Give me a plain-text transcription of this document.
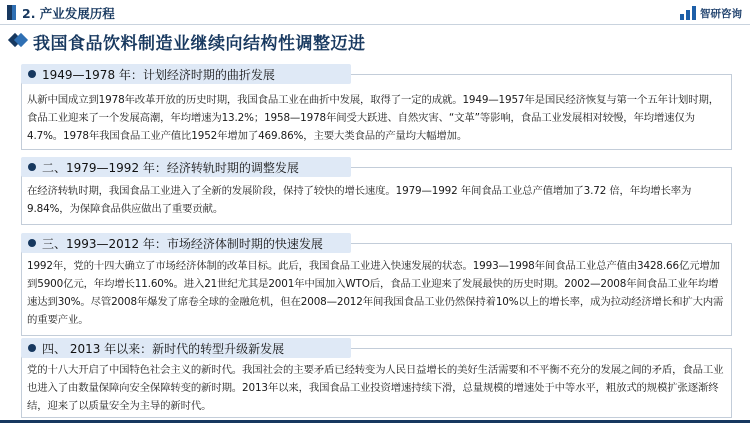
2. 产业发展历程	智研咨询
我国食品饮料制造业继续向结构性调整迈进
从新中国成立到1978年改革开放的历史时期，我国食品工业在曲折中发展，取得了一定的成就。1949—1957年是国民经济恢复与第一个五年计划时期，食品工业迎来了一个发展高潮，年均增速为13.2%；1958—1978年间受大跃进、自然灾害、“文革”等影响，食品工业发展相对较慢，年均增速仅为4.7%。1978年我国食品工业产值比1952年增加了469.86%，主要大类食品的产量均大幅增加。
1949—1978 年：计划经济时期的曲折发展
在经济转轨时期，我国食品工业进入了全新的发展阶段，保持了较快的增长速度。1979—1992 年间食品工业总产值增加了3.72 倍，年均增长率为9.84%，为保障食品供应做出了重要贡献。
二、1979—1992 年：经济转轨时期的调整发展
1992年，党的十四大确立了市场经济体制的改革目标。此后，我国食品工业进入快速发展的状态。1993—1998年间食品工业总产值由3428.66亿元增加到5900亿元，年均增长11.60%。进入21世纪尤其是2001年中国加入WTO后，食品工业迎来了发展最快的历史时期。2002—2008年间食品工业年均增速达到30%。尽管2008年爆发了席卷全球的金融危机，但在2008—2012年间我国食品工业仍然保持着10%以上的增长率，成为拉动经济增长和扩大内需的重要产业。
三、1993—2012 年：市场经济体制时期的快速发展
党的十八大开启了中国特色社会主义的新时代。我国社会的主要矛盾已经转变为人民日益增长的美好生活需要和不平衡不充分的发展之间的矛盾，食品工业也进入了由数量保障向安全保障转变的新时期。2013年以来，我国食品工业投资增速持续下滑，总量规模的增速处于中等水平，粗放式的规模扩张逐渐终结，迎来了以质量安全为主导的新时代。
四、 2013 年以来：新时代的转型升级新发展
